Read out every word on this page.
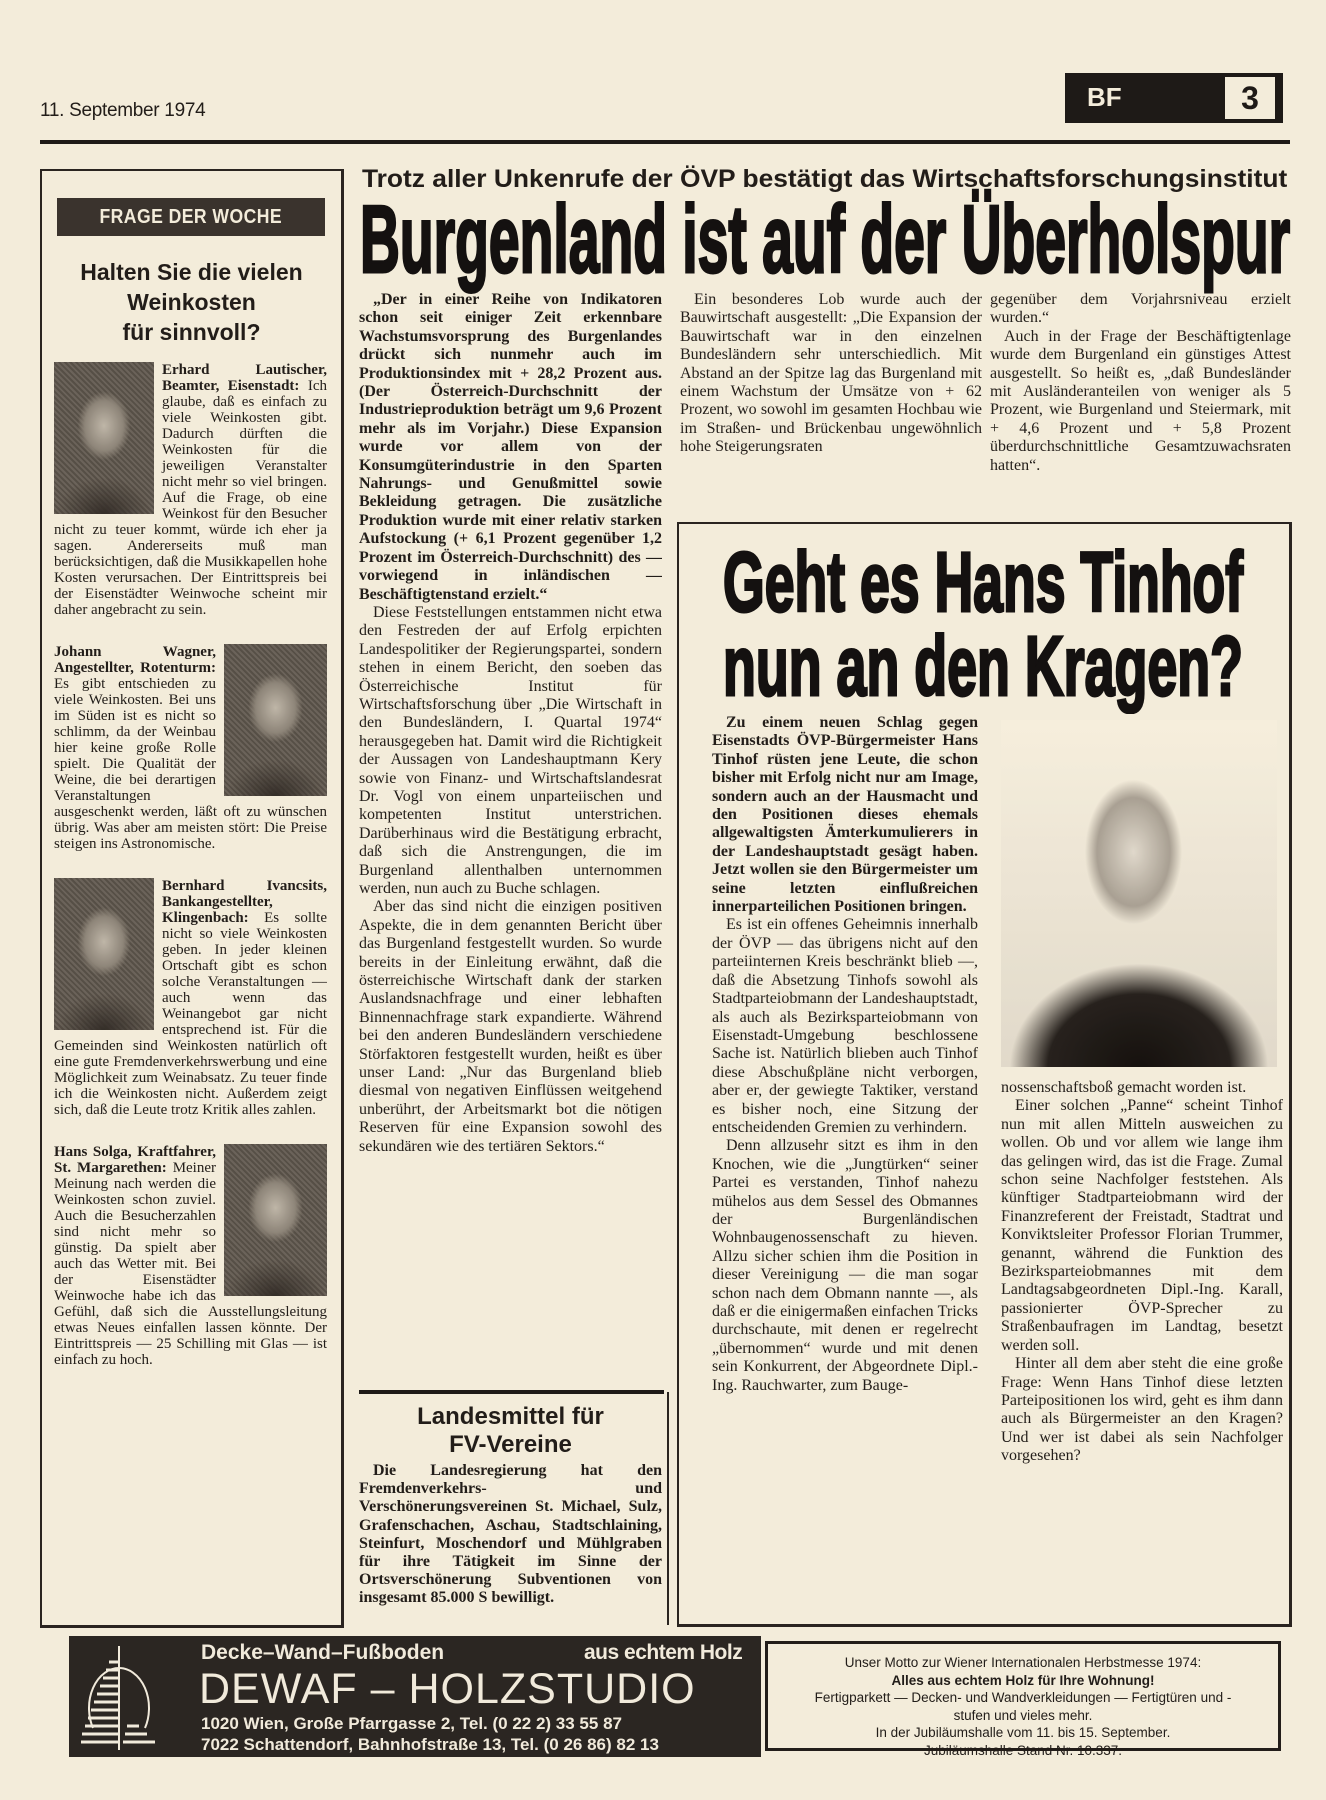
11. September 1974	BF	3
FRAGE DER WOCHE
Halten Sie die vielen
Weinkosten
für sinnvoll?

Erhard Lautischer, Beamter, Eisenstadt: Ich glaube, daß es einfach zu viele Weinkosten gibt. Dadurch dürften die Weinkosten für die jeweiligen Veranstalter nicht mehr so viel bringen. Auf die Frage, ob eine Weinkost für den Besucher nicht zu teuer kommt, würde ich eher ja sagen. Andererseits muß man berücksichtigen, daß die Musikkapellen hohe Kosten verursachen. Der Eintrittspreis bei der Eisenstädter Weinwoche scheint mir daher angebracht zu sein.

Johann Wagner, Angestellter, Rotenturm: Es gibt entschieden zu viele Weinkosten. Bei uns im Süden ist es nicht so schlimm, da der Weinbau hier keine große Rolle spielt. Die Qualität der Weine, die bei derartigen Veranstaltungen ausgeschenkt werden, läßt oft zu wünschen übrig. Was aber am meisten stört: Die Preise steigen ins Astronomische.

Bernhard Ivancsits, Bankangestellter, Klingenbach: Es sollte nicht so viele Weinkosten geben. In jeder kleinen Ortschaft gibt es schon solche Veranstaltungen — auch wenn das Weinangebot gar nicht entsprechend ist. Für die Gemeinden sind Weinkosten natürlich oft eine gute Fremdenverkehrswerbung und eine Möglichkeit zum Weinabsatz. Zu teuer finde ich die Weinkosten nicht. Außerdem zeigt sich, daß die Leute trotz Kritik alles zahlen.

Hans Solga, Kraftfahrer, St. Margarethen: Meiner Meinung nach werden die Weinkosten schon zuviel. Auch die Besucherzahlen sind nicht mehr so günstig. Da spielt aber auch das Wetter mit. Bei der Eisenstädter Weinwoche habe ich das Gefühl, daß sich die Ausstellungsleitung etwas Neues einfallen lassen könnte. Der Eintrittspreis — 25 Schilling mit Glas — ist einfach zu hoch.

Trotz aller Unkenrufe der ÖVP bestätigt das Wirtschaftsforschungsinstitut
Burgenland ist auf der Überholspur

„Der in einer Reihe von Indikatoren schon seit einiger Zeit erkennbare Wachstumsvorsprung des Burgenlandes drückt sich nunmehr auch im Produktionsindex mit + 28,2 Prozent aus. (Der Österreich-Durchschnitt der Industrieproduktion beträgt um 9,6 Prozent mehr als im Vorjahr.) Diese Expansion wurde vor allem von der Konsumgüterindustrie in den Sparten Nahrungs- und Genußmittel sowie Bekleidung getragen. Die zusätzliche Produktion wurde mit einer relativ starken Aufstockung (+ 6,1 Prozent gegenüber 1,2 Prozent im Österreich-Durchschnitt) des — vorwiegend in inländischen — Beschäftigtenstand erzielt.“

Diese Feststellungen entstammen nicht etwa den Festreden der auf Erfolg erpichten Landespolitiker der Regierungspartei, sondern stehen in einem Bericht, den soeben das Österreichische Institut für Wirtschaftsforschung über „Die Wirtschaft in den Bundesländern, I. Quartal 1974“ herausgegeben hat. Damit wird die Richtigkeit der Aussagen von Landeshauptmann Kery sowie von Finanz- und Wirtschaftslandesrat Dr. Vogl von einem unparteiischen und kompetenten Institut unterstrichen. Darüberhinaus wird die Bestätigung erbracht, daß sich die Anstrengungen, die im Burgenland allenthalben unternommen werden, nun auch zu Buche schlagen.

Aber das sind nicht die einzigen positiven Aspekte, die in dem genannten Bericht über das Burgenland festgestellt wurden. So wurde bereits in der Einleitung erwähnt, daß die österreichische Wirtschaft dank der starken Auslandsnachfrage und einer lebhaften Binnennachfrage stark expandierte. Während bei den anderen Bundesländern verschiedene Störfaktoren festgestellt wurden, heißt es über unser Land: „Nur das Burgenland blieb diesmal von negativen Einflüssen weitgehend unberührt, der Arbeitsmarkt bot die nötigen Reserven für eine Expansion sowohl des sekundären wie des tertiären Sektors.“

Ein besonderes Lob wurde auch der Bauwirtschaft ausgestellt: „Die Expansion der Bauwirtschaft war in den einzelnen Bundesländern sehr unterschiedlich. Mit Abstand an der Spitze lag das Burgenland mit einem Wachstum der Umsätze von + 62 Prozent, wo sowohl im gesamten Hochbau wie im Straßen- und Brückenbau ungewöhnlich hohe Steigerungsraten

gegenüber dem Vorjahrsniveau erzielt wurden.“

Auch in der Frage der Beschäftigtenlage wurde dem Burgenland ein günstiges Attest ausgestellt. So heißt es, „daß Bundesländer mit Ausländeranteilen von weniger als 5 Prozent, wie Burgenland und Steiermark, mit + 4,6 Prozent und + 5,8 Prozent überdurchschnittliche Gesamtzuwachsraten hatten“.

Landesmittel für
FV-Vereine

Die Landesregierung hat den Fremdenverkehrs- und Verschönerungsvereinen St. Michael, Sulz, Grafenschachen, Aschau, Stadtschlaining, Steinfurt, Moschendorf und Mühlgraben für ihre Tätigkeit im Sinne der Ortsverschönerung Subventionen von insgesamt 85.000 S bewilligt.

Geht es Hans Tinhof
nun an den Kragen?

Zu einem neuen Schlag gegen Eisenstadts ÖVP-Bürgermeister Hans Tinhof rüsten jene Leute, die schon bisher mit Erfolg nicht nur am Image, sondern auch an der Hausmacht und den Positionen dieses ehemals allgewaltigsten Ämterkumulierers in der Landeshauptstadt gesägt haben. Jetzt wollen sie den Bürgermeister um seine letzten einflußreichen innerparteilichen Positionen bringen.

Es ist ein offenes Geheimnis innerhalb der ÖVP — das übrigens nicht auf den parteiinternen Kreis beschränkt blieb —, daß die Absetzung Tinhofs sowohl als Stadtparteiobmann der Landeshauptstadt, als auch als Bezirksparteiobmann von Eisenstadt-Umgebung beschlossene Sache ist. Natürlich blieben auch Tinhof diese Abschußpläne nicht verborgen, aber er, der gewiegte Taktiker, verstand es bisher noch, eine Sitzung der entscheidenden Gremien zu verhindern.

Denn allzusehr sitzt es ihm in den Knochen, wie die „Jungtürken“ seiner Partei es verstanden, Tinhof nahezu mühelos aus dem Sessel des Obmannes der Burgenländischen Wohnbaugenossenschaft zu hieven. Allzu sicher schien ihm die Position in dieser Vereinigung — die man sogar schon nach dem Obmann nannte —, als daß er die einigermaßen einfachen Tricks durchschaute, mit denen er regelrecht „übernommen“ wurde und mit denen sein Konkurrent, der Abgeordnete Dipl.-Ing. Rauchwarter, zum Bauge-

nossenschaftsboß gemacht worden ist.

Einer solchen „Panne“ scheint Tinhof nun mit allen Mitteln ausweichen zu wollen. Ob und vor allem wie lange ihm das gelingen wird, das ist die Frage. Zumal schon seine Nachfolger feststehen. Als künftiger Stadtparteiobmann wird der Finanzreferent der Freistadt, Stadtrat und Konviktsleiter Professor Florian Trummer, genannt, während die Funktion des Bezirksparteiobmannes mit dem Landtagsabgeordneten Dipl.-Ing. Karall, passionierter ÖVP-Sprecher zu Straßenbaufragen im Landtag, besetzt werden soll.

Hinter all dem aber steht die eine große Frage: Wenn Hans Tinhof diese letzten Parteipositionen los wird, geht es ihm dann auch als Bürgermeister an den Kragen? Und wer ist dabei als sein Nachfolger vorgesehen?

Decke–Wand–Fußboden	aus echtem Holz
DEWAF – HOLZSTUDIO
1020 Wien, Große Pfarrgasse 2, Tel. (0 22 2) 33 55 87
7022 Schattendorf, Bahnhofstraße 13, Tel. (0 26 86) 82 13
Unser Motto zur Wiener Internationalen Herbstmesse 1974:
Alles aus echtem Holz für Ihre Wohnung!
Fertigparkett — Decken- und Wandverkleidungen — Fertigtüren und -stufen und vieles mehr.
In der Jubiläumshalle vom 11. bis 15. September.
Jubiläumshalle Stand Nr. 10.337.
